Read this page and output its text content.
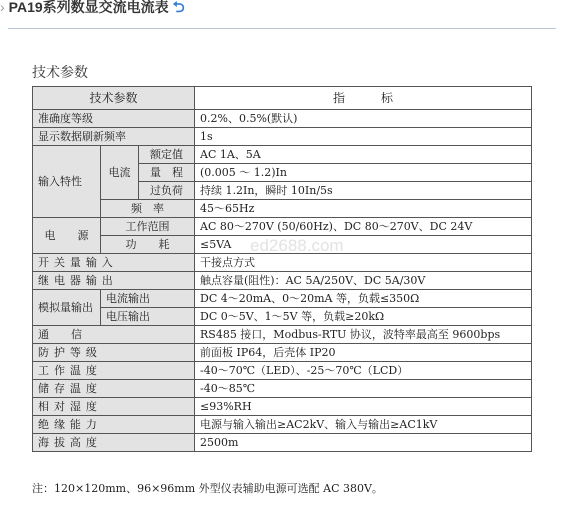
› PA19系列数显交流电流表 ⮌
技术参数
技术参数			指　　　标
准确度等级			0.2%、0.5%(默认)
显示数据刷新频率			1s
输入特性	电流	额定值	AC 1A、5A
		量　程	(0.005 ～ 1.2)In
		过负荷	持续 1.2In，瞬时 10In/5s
	频　率		45～65Hz
电　　源	工作范围		AC 80～270V (50/60Hz)、DC 80～270V、DC 24V
	功　　耗		≤5VA
开关量输入			干接点方式
继电器输出			触点容量(阻性)：AC 5A/250V、DC 5A/30V
模拟量输出	电流输出		DC 4～20mA、0～20mA 等，负载≤350Ω
	电压输出		DC 0～5V、1～5V 等，负载≥20kΩ
通　　信			RS485 接口，Modbus-RTU 协议，波特率最高至 9600bps
防护等级			前面板 IP64，后壳体 IP20
工作温度			-40～70℃（LED）、-25～70℃（LCD）
储存温度			-40～85℃
相对湿度			≤93%RH
绝缘能力			电源与输入输出≥AC2kV、输入与输出≥AC1kV
海拔高度			2500m
ed2688.com
注：120×120mm、96×96mm 外型仪表辅助电源可选配 AC 380V。
